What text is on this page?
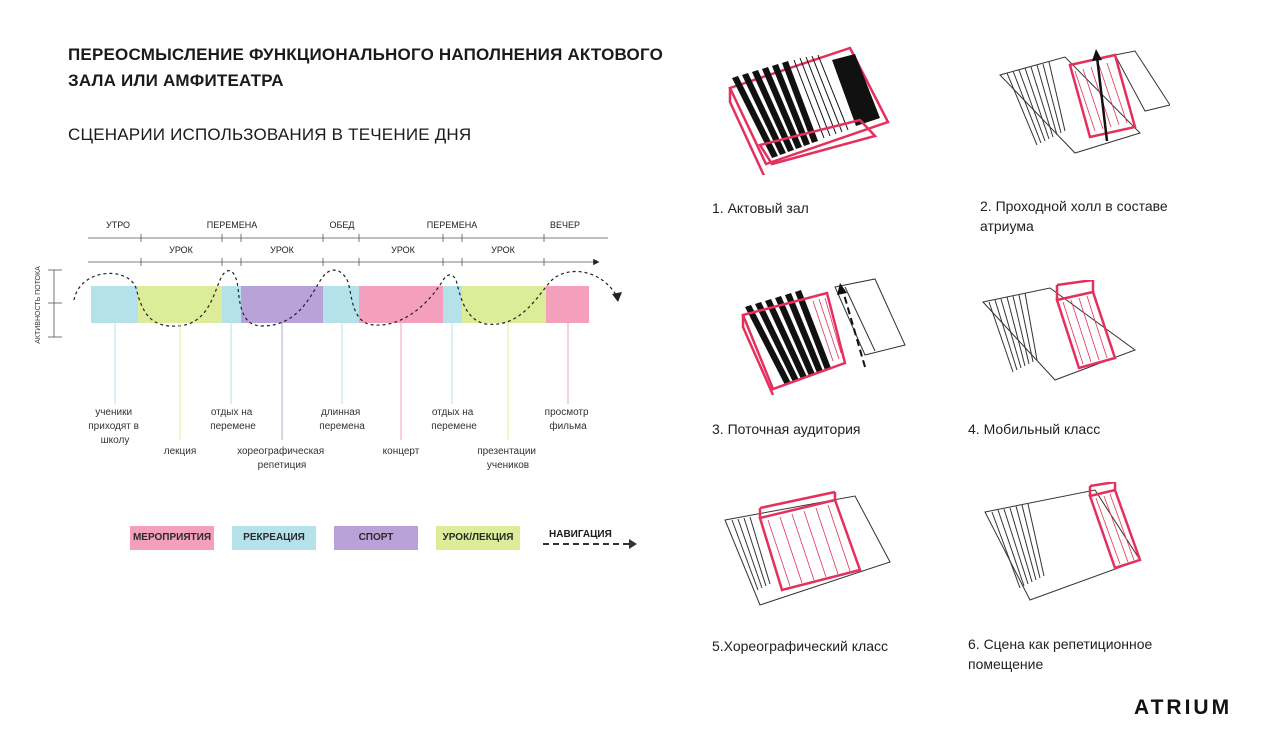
ПЕРЕОСМЫСЛЕНИЕ ФУНКЦИОНАЛЬНОГО НАПОЛНЕНИЯ АКТОВОГО ЗАЛА ИЛИ АМФИТЕАТРА
СЦЕНАРИИ ИСПОЛЬЗОВАНИЯ В ТЕЧЕНИЕ ДНЯ
УТРО	ПЕРЕМЕНА	ОБЕД	ПЕРЕМЕНА	ВЕЧЕР
УРОК	УРОК	УРОК	УРОК
АКТИВНОСТЬ ПОТОКА
ученики приходят в школу
лекция
отдых на перемене
хореографическая репетиция
длинная перемена
концерт
отдых на перемене
презентации учеников
просмотр фильма
МЕРОПРИЯТИЯ	РЕКРЕАЦИЯ	СПОРТ	УРОК/ЛЕКЦИЯ	НАВИГАЦИЯ
1. Актовый зал	2. Проходной холл в составе
атриума
3. Поточная аудитория	4. Мобильный класс
5.Хореографический класс	6. Сцена как репетиционное
помещение
ATRIUM
